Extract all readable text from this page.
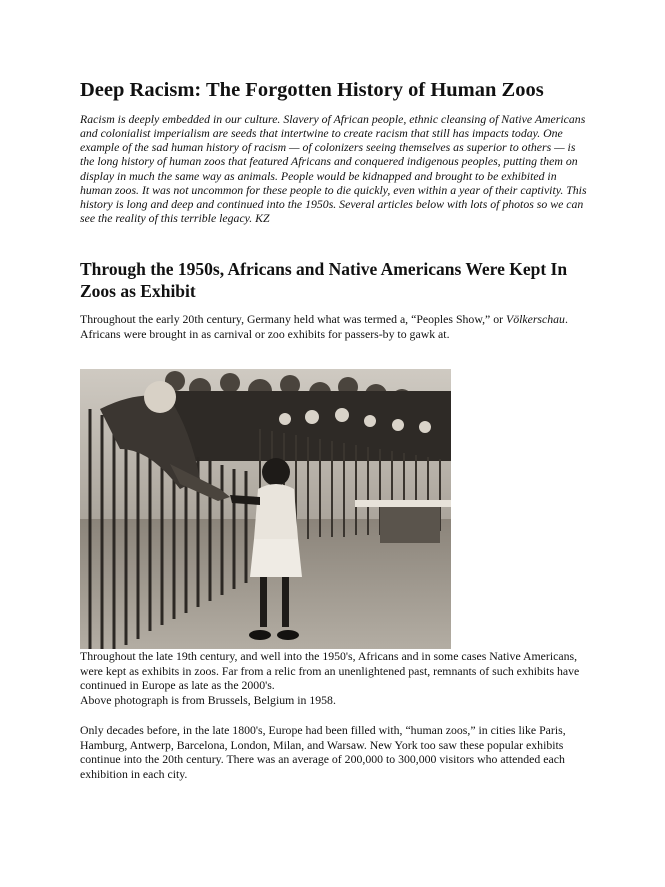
Deep Racism: The Forgotten History of Human Zoos

Racism is deeply embedded in our culture. Slavery of African people, ethnic cleansing of Native Americans and colonialist imperialism are seeds that intertwine to create racism that still has impacts today. One example of the sad human history of racism — of colonizers seeing themselves as superior to others — is the long history of human zoos that featured Africans and conquered indigenous peoples, putting them on display in much the same way as animals. People would be kidnapped and brought to be exhibited in human zoos. It was not uncommon for these people to die quickly, even within a year of their captivity. This history is long and deep and continued into the 1950s. Several articles below with lots of photos so we can see the reality of this terrible legacy. KZ

Through the 1950s, Africans and Native Americans Were Kept In Zoos as Exhibit

Throughout the early 20th century, Germany held what was termed a, “Peoples Show,” or Völkerschau. Africans were brought in as carnival or zoo exhibits for passers-by to gawk at.

Throughout the late 19th century, and well into the 1950's, Africans and in some cases Native Americans, were kept as exhibits in zoos. Far from a relic from an unenlightened past, remnants of such exhibits have continued in Europe as late as the 2000's.
Above photograph is from Brussels, Belgium in 1958.

Only decades before, in the late 1800's, Europe had been filled with, “human zoos,” in cities like Paris, Hamburg, Antwerp, Barcelona, London, Milan, and Warsaw. New York too saw these popular exhibits continue into the 20th century. There was an average of 200,000 to 300,000 visitors who attended each exhibition in each city.
